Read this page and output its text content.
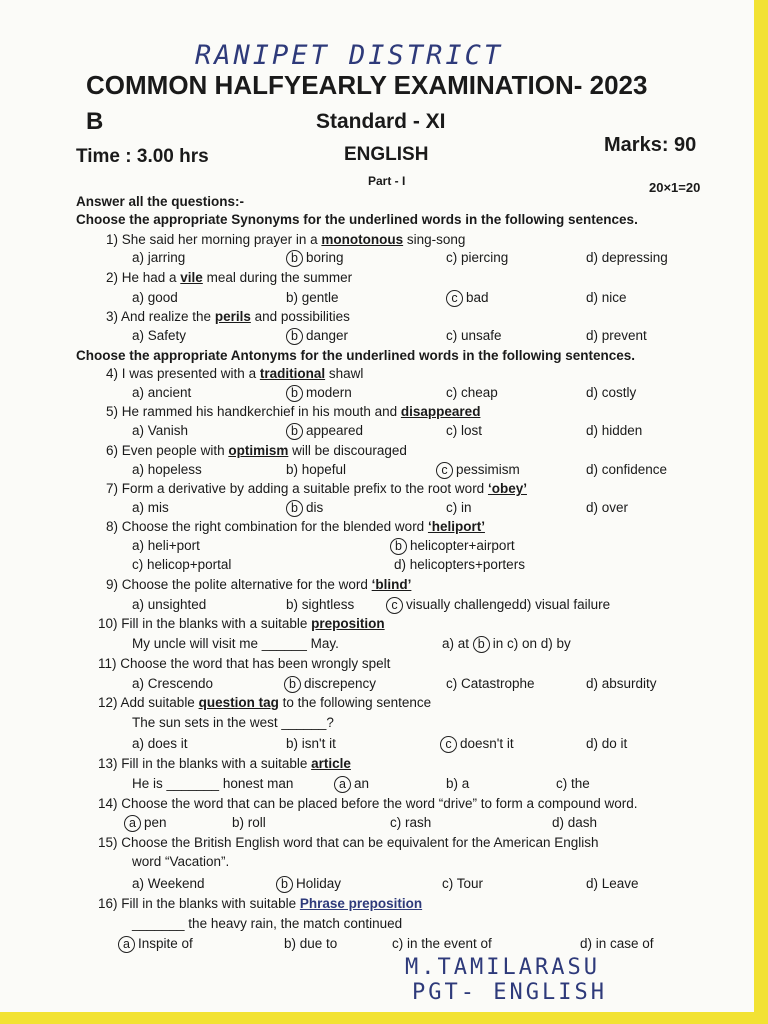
RANIPET DISTRICT
COMMON HALFYEARLY EXAMINATION- 2023
B	Standard - XI
Time : 3.00 hrs	ENGLISH	Marks: 90
Part - I	20×1=20
Answer all the questions:-
Choose the appropriate Synonyms for the underlined words in the following sentences.
1) She said her morning prayer in a monotonous sing-song
a) jarring	b boring	c) piercing	d) depressing
2) He had a vile meal during the summer
a) good	b) gentle	c bad	d) nice
3) And realize the perils and possibilities
a) Safety	b danger	c) unsafe	d) prevent
Choose the appropriate Antonyms for the underlined words in the following sentences.
4) I was presented with a traditional shawl
a) ancient	b modern	c) cheap	d) costly
5) He rammed his handkerchief in his mouth and disappeared
a) Vanish	b appeared	c) lost	d) hidden
6) Even people with optimism will be discouraged
a) hopeless	b) hopeful	c pessimism	d) confidence
7) Form a derivative by adding a suitable prefix to the root word ‘obey’
a) mis	b dis	c) in	d) over
8) Choose the right combination for the blended word ‘heliport’
a) heli+port	b helicopter+airport
c) helicop+portal	d) helicopters+porters
9) Choose the polite alternative for the word ‘blind’
a) unsighted	b) sightless	c visually challengedd) visual failure
10) Fill in the blanks with a suitable preposition
My uncle will visit me ______ May.	a) at b in c) on d) by
11) Choose the word that has been wrongly spelt
a) Crescendo	b discrepency	c) Catastrophe	d) absurdity
12) Add suitable question tag to the following sentence
The sun sets in the west ______?
a) does it	b) isn't it	c doesn't it	d) do it
13) Fill in the blanks with a suitable article
He is _______ honest man	a an	b) a	c) the
14) Choose the word that can be placed before the word “drive” to form a compound word.
a pen	b) roll	c) rash	d) dash
15) Choose the British English word that can be equivalent for the American English
word “Vacation”.
a) Weekend	b Holiday	c) Tour	d) Leave
16) Fill in the blanks with suitable Phrase preposition
_______ the heavy rain, the match continued
a Inspite of	b) due to	c) in the event of	d) in case of
M.TAMILARASU
PGT- ENGLISH
